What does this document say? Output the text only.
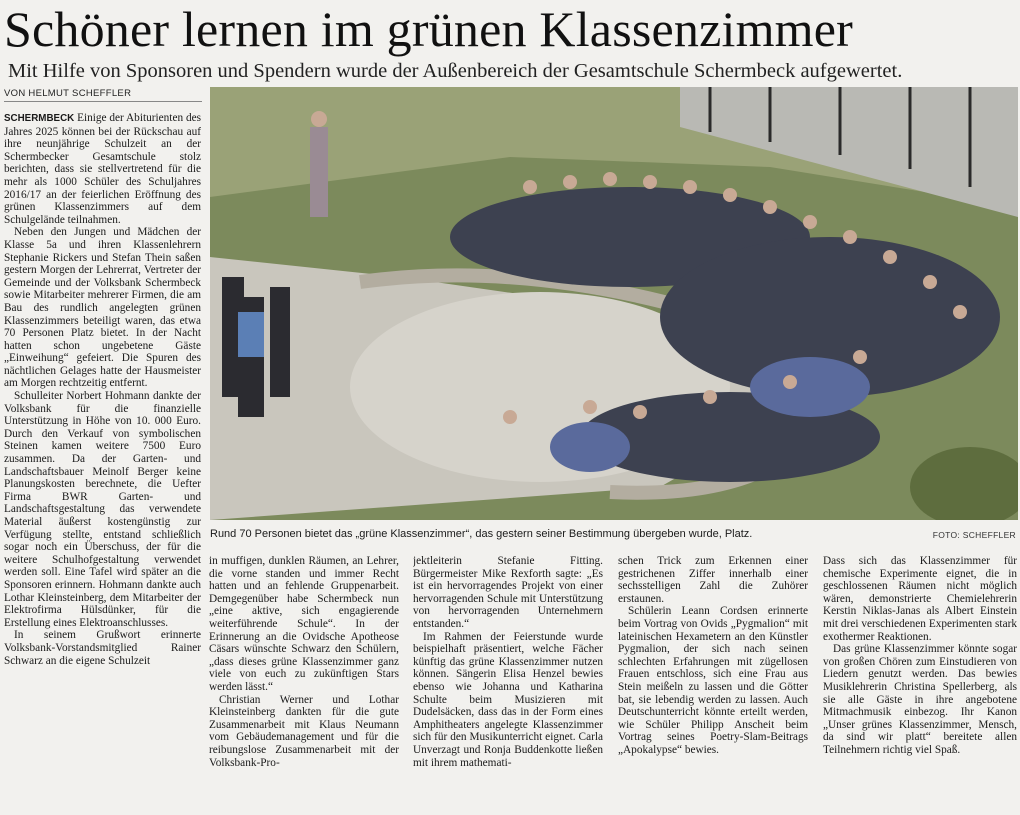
Schöner lernen im grünen Klassenzimmer
Mit Hilfe von Sponsoren und Spendern wurde der Außenbereich der Gesamtschule Schermbeck aufgewertet.
VON HELMUT SCHEFFLER

SCHERMBECK Einige der Abiturienten des Jahres 2025 können bei der Rückschau auf ihre neunjährige Schulzeit an der Schermbecker Gesamtschule stolz berichten, dass sie stellvertretend für die mehr als 1000 Schüler des Schuljahres 2016/17 an der feierlichen Eröffnung des grünen Klassenzimmers auf dem Schulgelände teilnahmen.

Neben den Jungen und Mädchen der Klasse 5a und ihren Klassenlehrern Stephanie Rickers und Stefan Thein saßen gestern Morgen der Lehrerrat, Vertreter der Gemeinde und der Volksbank Schermbeck sowie Mitarbeiter mehrerer Firmen, die am Bau des rundlich angelegten grünen Klassenzimmers beteiligt waren, das etwa 70 Personen Platz bietet. In der Nacht hatten schon ungebetene Gäste „Einweihung“ gefeiert. Die Spuren des nächtlichen Gelages hatte der Hausmeister am Morgen rechtzeitig entfernt.

Schulleiter Norbert Hohmann dankte der Volksbank für die finanzielle Unterstützung in Höhe von 10. 000 Euro. Durch den Verkauf von symbolischen Steinen kamen weitere 7500 Euro zusammen. Da der Garten- und Landschaftsbauer Meinolf Berger keine Planungskosten berechnete, die Uefter Firma BWR Garten- und Landschaftsgestaltung das verwendete Material äußerst kostengünstig zur Verfügung stellte, entstand schließlich sogar noch ein Überschuss, der für die weitere Schulhofgestaltung verwendet werden soll. Eine Tafel wird später an die Sponsoren erinnern. Hohmann dankte auch Lothar Kleinsteinberg, dem Mitarbeiter der Elektrofirma Hülsdünker, für die Erstellung eines Elektroanschlusses.

In seinem Grußwort erinnerte Volksbank-Vorstandsmitglied Rainer Schwarz an die eigene Schulzeit

Rund 70 Personen bietet das „grüne Klassenzimmer“, das gestern seiner Bestimmung übergeben wurde, Platz.	FOTO: SCHEFFLER

in muffigen, dunklen Räumen, an Lehrer, die vorne standen und immer Recht hatten und an fehlende Gruppenarbeit. Demgegenüber habe Schermbeck nun „eine aktive, sich engagierende weiterführende Schule“. In der Erinnerung an die Ovidsche Apotheose Cäsars wünschte Schwarz den Schülern, „dass dieses grüne Klassenzimmer ganz viele von euch zu zukünftigen Stars werden lässt.“

Christian Werner und Lothar Kleinsteinberg dankten für die gute Zusammenarbeit mit Klaus Neumann vom Gebäudemanagement und für die reibungslose Zusammenarbeit mit der Volksbank-Pro-

jektleiterin Stefanie Fitting. Bürgermeister Mike Rexforth sagte: „Es ist ein hervorragendes Projekt von einer hervorragenden Schule mit Unterstützung von hervorragenden Unternehmern entstanden.“

Im Rahmen der Feierstunde wurde beispielhaft präsentiert, welche Fächer künftig das grüne Klassenzimmer nutzen können. Sängerin Elisa Henzel bewies ebenso wie Johanna und Katharina Schulte beim Musizieren mit Dudelsäcken, dass das in der Form eines Amphitheaters angelegte Klassenzimmer sich für den Musikunterricht eignet. Carla Unverzagt und Ronja Buddenkotte ließen mit ihrem mathemati-

schen Trick zum Erkennen einer gestrichenen Ziffer innerhalb einer sechsstelligen Zahl die Zuhörer erstaunen.

Schülerin Leann Cordsen erinnerte beim Vortrag von Ovids „Pygmalion“ mit lateinischen Hexametern an den Künstler Pygmalion, der sich nach seinen schlechten Erfahrungen mit zügellosen Frauen entschloss, sich eine Frau aus Stein meißeln zu lassen und die Götter bat, sie lebendig werden zu lassen. Auch Deutschunterricht könnte erteilt werden, wie Schüler Philipp Anscheit beim Vortrag seines Poetry-Slam-Beitrags „Apokalypse“ bewies.

Dass sich das Klassenzimmer für chemische Experimente eignet, die in geschlossenen Räumen nicht möglich wären, demonstrierte Chemielehrerin Kerstin Niklas-Janas als Albert Einstein mit drei verschiedenen Experimenten stark exothermer Reaktionen.

Das grüne Klassenzimmer könnte sogar von großen Chören zum Einstudieren von Liedern genutzt werden. Das bewies Musiklehrerin Christina Spellerberg, als sie alle Gäste in ihre angebotene Mitmachmusik einbezog. Ihr Kanon „Unser grünes Klassenzimmer, Mensch, da sind wir platt“ bereitete allen Teilnehmern richtig viel Spaß.
